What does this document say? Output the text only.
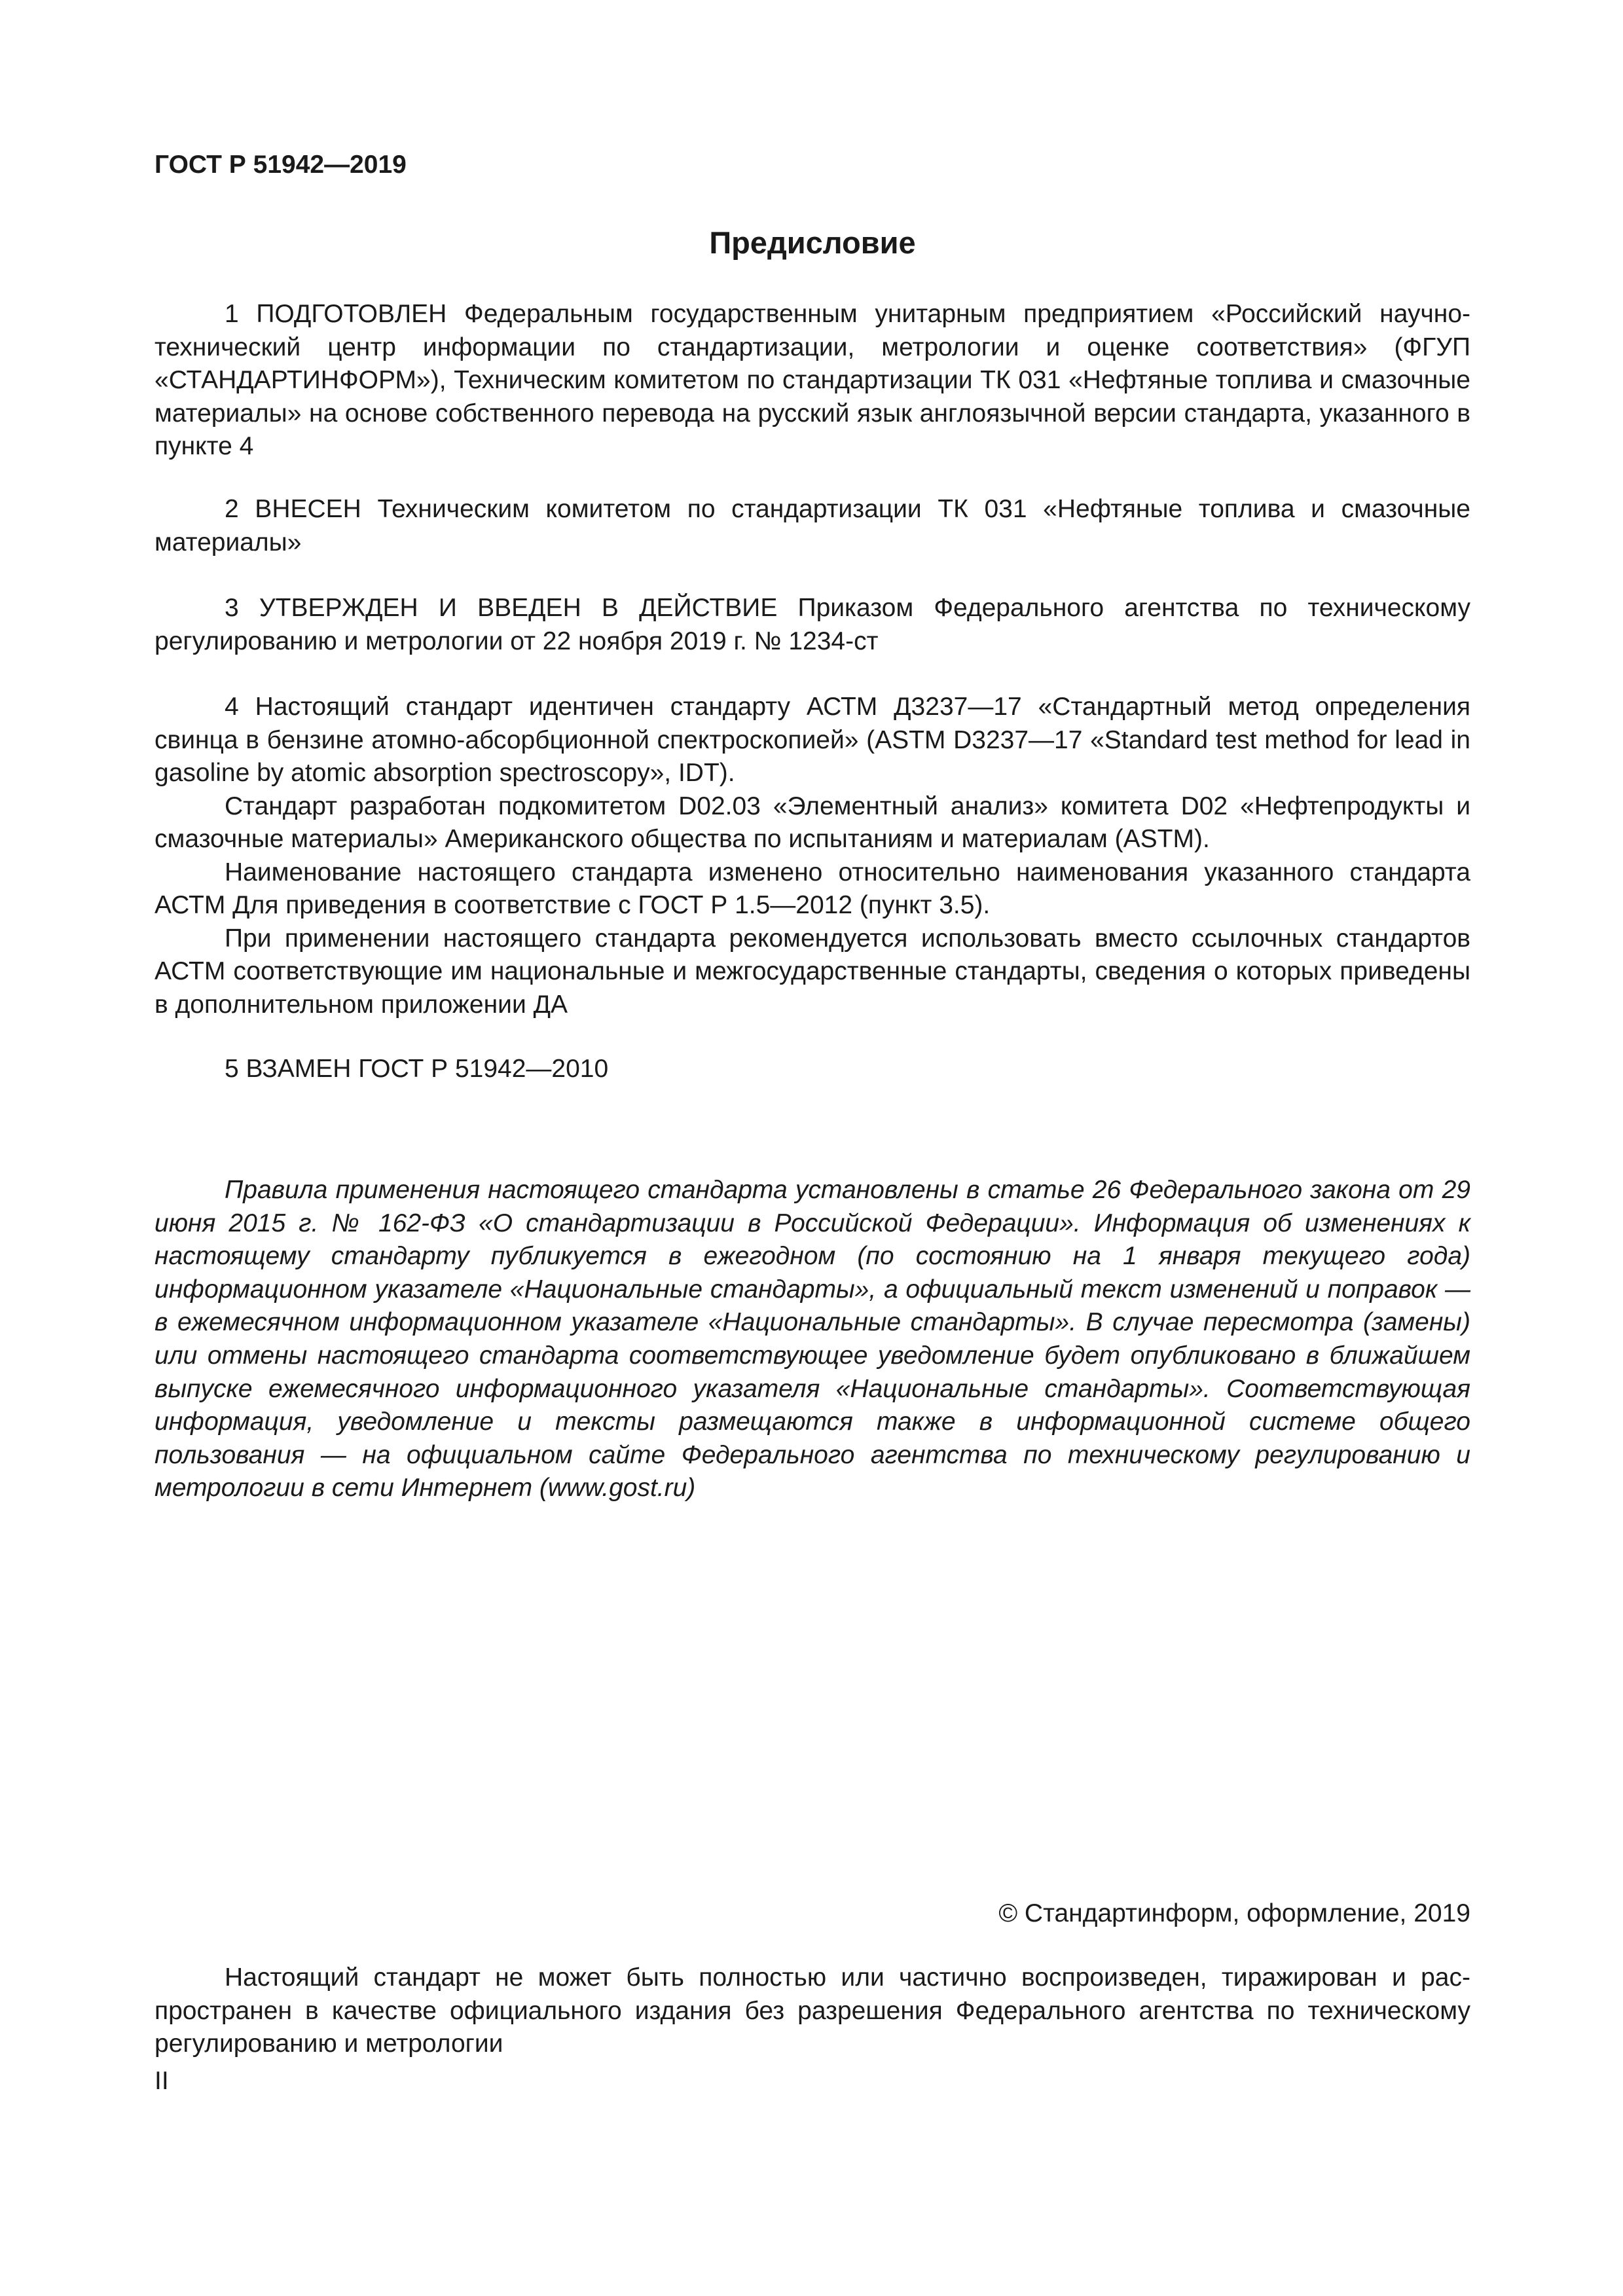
ГОСТ Р 51942—2019
Предисловие

1 ПОДГОТОВЛЕН Федеральным государственным унитарным предприятием «Российский научно-технический центр информации по стандартизации, метрологии и оценке соответствия» (ФГУП «СТАНДАРТИНФОРМ»), Техническим комитетом по стандартизации ТК 031 «Нефтяные топлива и смазочные материалы» на основе собственного перевода на русский язык англоязычной версии стандарта, указанного в пункте 4

2 ВНЕСЕН Техническим комитетом по стандартизации ТК 031 «Нефтяные топлива и смазочные материалы»

3 УТВЕРЖДЕН И ВВЕДЕН В ДЕЙСТВИЕ Приказом Федерального агентства по техническому регулированию и метрологии от 22 ноября 2019 г. № 1234-ст

4 Настоящий стандарт идентичен стандарту АСТМ Д3237—17 «Стандартный метод определения свинца в бензине атомно-абсорбционной спектроскопией» (ASTM D3237—17 «Standard test method for lead in gasoline by atomic absorption spectroscopy», IDT).

Стандарт разработан подкомитетом D02.03 «Элементный анализ» комитета D02 «Нефтепродукты и смазочные материалы» Американского общества по испытаниям и материалам (ASTM).

Наименование настоящего стандарта изменено относительно наименования указанного стандарта АСТМ Для приведения в соответствие с ГОСТ Р 1.5—2012 (пункт 3.5).

При применении настоящего стандарта рекомендуется использовать вместо ссылочных стандартов АСТМ соответствующие им национальные и межгосударственные стандарты, сведения о которых приведены в дополнительном приложении ДА

5 ВЗАМЕН ГОСТ Р 51942—2010

Правила применения настоящего стандарта установлены в статье 26 Федерального закона от 29 июня 2015 г. № 162-ФЗ «О стандартизации в Российской Федерации». Информация об изменениях к настоящему стандарту публикуется в ежегодном (по состоянию на 1 января текущего года) информационном указателе «Национальные стандарты», а официальный текст изменений и поправок — в ежемесячном информационном указателе «Национальные стандарты». В случае пересмотра (замены) или отмены настоящего стандарта соответствующее уведомление будет опубликовано в ближайшем выпуске ежемесячного информационного указателя «Национальные стандарты». Соответствующая информация, уведомление и тексты размещаются также в информационной системе общего пользования — на официальном сайте Федерального агентства по техническому регулированию и метрологии в сети Интернет (www.gost.ru)

© Стандартинформ, оформление, 2019

Настоящий стандарт не может быть полностью или частично воспроизведен, тиражирован и распространен в качестве официального издания без разрешения Федерального агентства по техническому регулированию и метрологии

II
